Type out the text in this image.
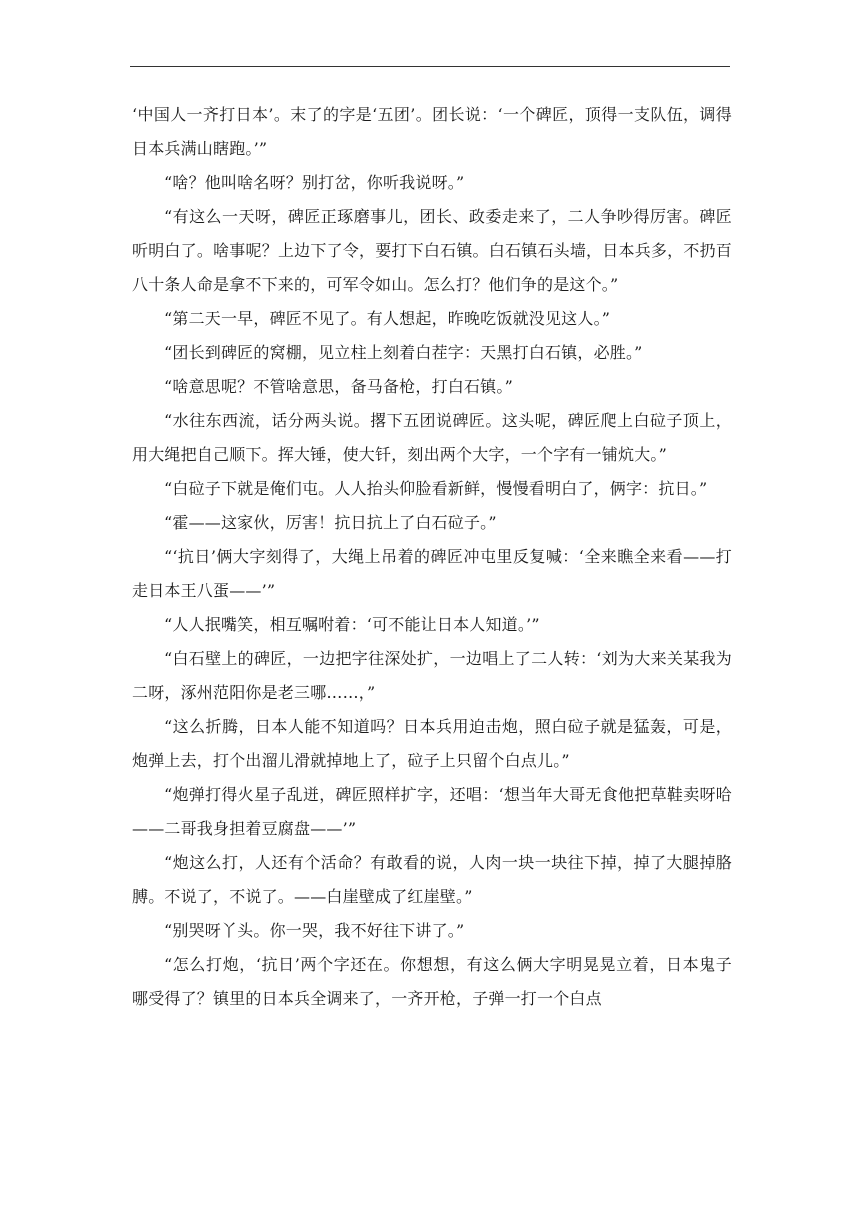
‘中国人一齐打日本’。末了的字是‘五团’。团长说：‘一个碑匠，顶得一支队伍，调得日本兵满山瞎跑。’”

“啥？他叫啥名呀？别打岔，你听我说呀。”

“有这么一天呀，碑匠正琢磨事儿，团长、政委走来了，二人争吵得厉害。碑匠听明白了。啥事呢？上边下了令，要打下白石镇。白石镇石头墙，日本兵多，不扔百八十条人命是拿不下来的，可军令如山。怎么打？他们争的是这个。”

“第二天一早，碑匠不见了。有人想起，昨晚吃饭就没见这人。”

“团长到碑匠的窝棚，见立柱上刻着白茬字：天黑打白石镇，必胜。”

“啥意思呢？不管啥意思，备马备枪，打白石镇。”

“水往东西流，话分两头说。撂下五团说碑匠。这头呢，碑匠爬上白砬子顶上，用大绳把自己顺下。挥大锤，使大钎，刻出两个大字，一个字有一铺炕大。”

“白砬子下就是俺们屯。人人抬头仰脸看新鲜，慢慢看明白了，俩字：抗日。”

“霍——这家伙，厉害！抗日抗上了白石砬子。”

“‘抗日’俩大字刻得了，大绳上吊着的碑匠冲屯里反复喊：‘全来瞧全来看——打走日本王八蛋——’”

“人人抿嘴笑，相互嘱咐着：‘可不能让日本人知道。’”

“白石壁上的碑匠，一边把字往深处扩，一边唱上了二人转：‘刘为大来关某我为二呀，涿州范阳你是老三哪……，”

“这么折腾，日本人能不知道吗？日本兵用迫击炮，照白砬子就是猛轰，可是，炮弹上去，打个出溜儿滑就掉地上了，砬子上只留个白点儿。”

“炮弹打得火星子乱迸，碑匠照样扩字，还唱：‘想当年大哥无食他把草鞋卖呀哈——二哥我身担着豆腐盘——’”

“炮这么打，人还有个活命？有敢看的说，人肉一块一块往下掉，掉了大腿掉胳膊。不说了，不说了。——白崖壁成了红崖壁。”

“别哭呀丫头。你一哭，我不好往下讲了。”

“怎么打炮，‘抗日’两个字还在。你想想，有这么俩大字明晃晃立着，日本鬼子哪受得了？镇里的日本兵全调来了，一齐开枪，子弹一打一个白点
